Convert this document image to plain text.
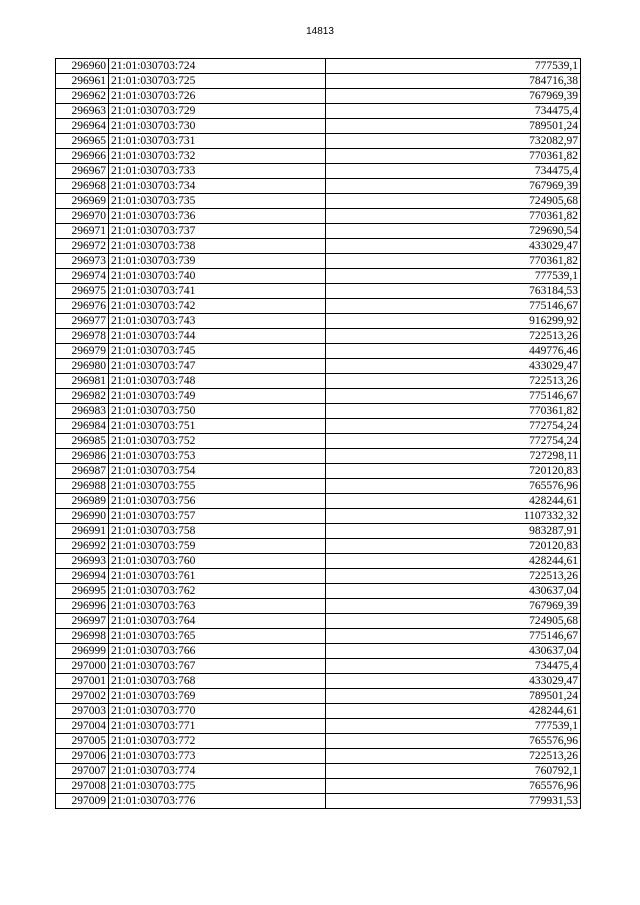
14813
296960	21:01:030703:724	777539,1
296961	21:01:030703:725	784716,38
296962	21:01:030703:726	767969,39
296963	21:01:030703:729	734475,4
296964	21:01:030703:730	789501,24
296965	21:01:030703:731	732082,97
296966	21:01:030703:732	770361,82
296967	21:01:030703:733	734475,4
296968	21:01:030703:734	767969,39
296969	21:01:030703:735	724905,68
296970	21:01:030703:736	770361,82
296971	21:01:030703:737	729690,54
296972	21:01:030703:738	433029,47
296973	21:01:030703:739	770361,82
296974	21:01:030703:740	777539,1
296975	21:01:030703:741	763184,53
296976	21:01:030703:742	775146,67
296977	21:01:030703:743	916299,92
296978	21:01:030703:744	722513,26
296979	21:01:030703:745	449776,46
296980	21:01:030703:747	433029,47
296981	21:01:030703:748	722513,26
296982	21:01:030703:749	775146,67
296983	21:01:030703:750	770361,82
296984	21:01:030703:751	772754,24
296985	21:01:030703:752	772754,24
296986	21:01:030703:753	727298,11
296987	21:01:030703:754	720120,83
296988	21:01:030703:755	765576,96
296989	21:01:030703:756	428244,61
296990	21:01:030703:757	1107332,32
296991	21:01:030703:758	983287,91
296992	21:01:030703:759	720120,83
296993	21:01:030703:760	428244,61
296994	21:01:030703:761	722513,26
296995	21:01:030703:762	430637,04
296996	21:01:030703:763	767969,39
296997	21:01:030703:764	724905,68
296998	21:01:030703:765	775146,67
296999	21:01:030703:766	430637,04
297000	21:01:030703:767	734475,4
297001	21:01:030703:768	433029,47
297002	21:01:030703:769	789501,24
297003	21:01:030703:770	428244,61
297004	21:01:030703:771	777539,1
297005	21:01:030703:772	765576,96
297006	21:01:030703:773	722513,26
297007	21:01:030703:774	760792,1
297008	21:01:030703:775	765576,96
297009	21:01:030703:776	779931,53
